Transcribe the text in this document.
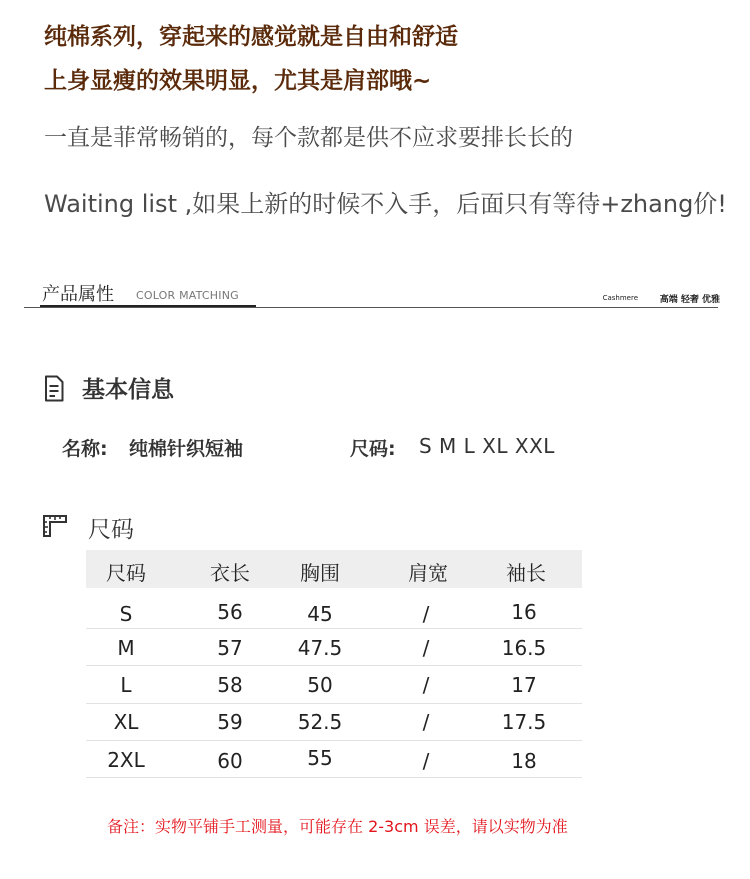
纯棉系列，穿起来的感觉就是自由和舒适
上身显瘦的效果明显，尤其是肩部哦~
一直是菲常畅销的，每个款都是供不应求要排长长的
Waiting list ,如果上新的时候不入手，后面只有等待+zhang价!
产品属性 COLOR MATCHING	Cashmere 高端 轻奢 优雅
基本信息
名称: 纯棉针织短袖	尺码: S M L XL XXL
尺码
尺码	衣长	胸围	肩宽	袖长
S	56	45	/	16
M	57	47.5	/	16.5
L	58	50	/	17
XL	59	52.5	/	17.5
2XL	60	55	/	18
备注：实物平铺手工测量，可能存在 2-3cm 误差，请以实物为准
